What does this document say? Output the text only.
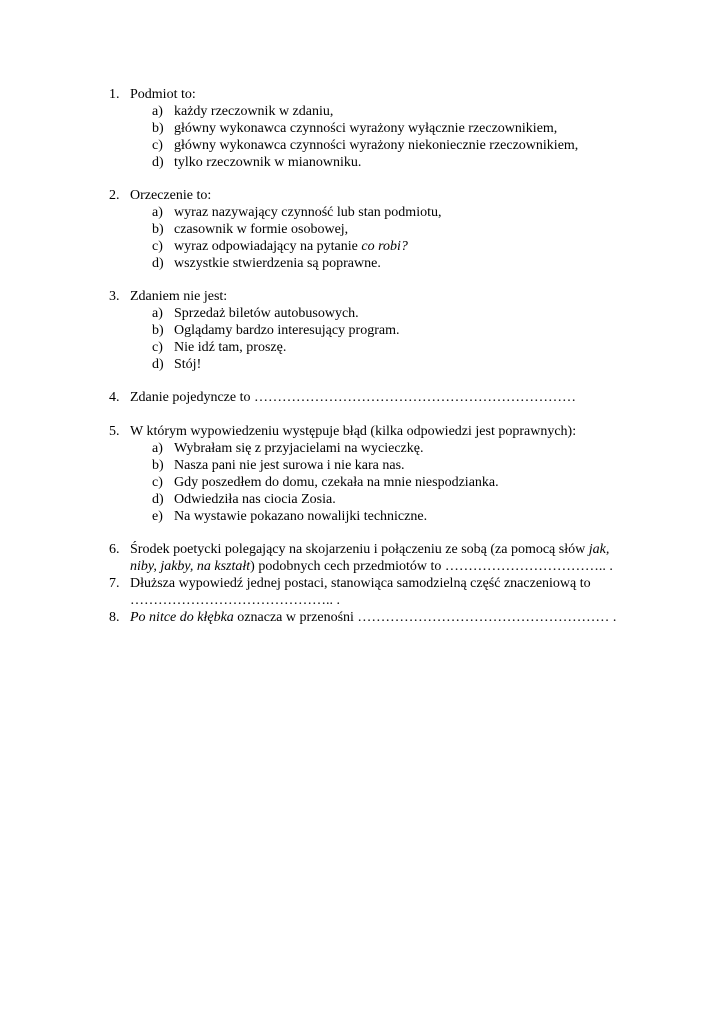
1. Podmiot to:
a) każdy rzeczownik w zdaniu,
b) główny wykonawca czynności wyrażony wyłącznie rzeczownikiem,
c) główny wykonawca czynności wyrażony niekoniecznie rzeczownikiem,
d) tylko rzeczownik w mianowniku.
2. Orzeczenie to:
a) wyraz nazywający czynność lub stan podmiotu,
b) czasownik w formie osobowej,
c) wyraz odpowiadający na pytanie co robi?
d) wszystkie stwierdzenia są poprawne.
3. Zdaniem nie jest:
a) Sprzedaż biletów autobusowych.
b) Oglądamy bardzo interesujący program.
c) Nie idź tam, proszę.
d) Stój!
4. Zdanie pojedyncze to ……………………………………………………………
5. W którym wypowiedzeniu występuje błąd (kilka odpowiedzi jest poprawnych):
a) Wybrałam się z przyjacielami na wycieczkę.
b) Nasza pani nie jest surowa i nie kara nas.
c) Gdy poszedłem do domu, czekała na mnie niespodzianka.
d) Odwiedziła nas ciocia Zosia.
e) Na wystawie pokazano nowalijki techniczne.
6. Środek poetycki polegający na skojarzeniu i połączeniu ze sobą (za pomocą słów jak,
niby, jakby, na kształt) podobnych cech przedmiotów to …………………………….. .
7. Dłuższa wypowiedź jednej postaci, stanowiąca samodzielną część znaczeniową to
…………………………………….. .
8. Po nitce do kłębka oznacza w przenośni ……………………………………………… .
